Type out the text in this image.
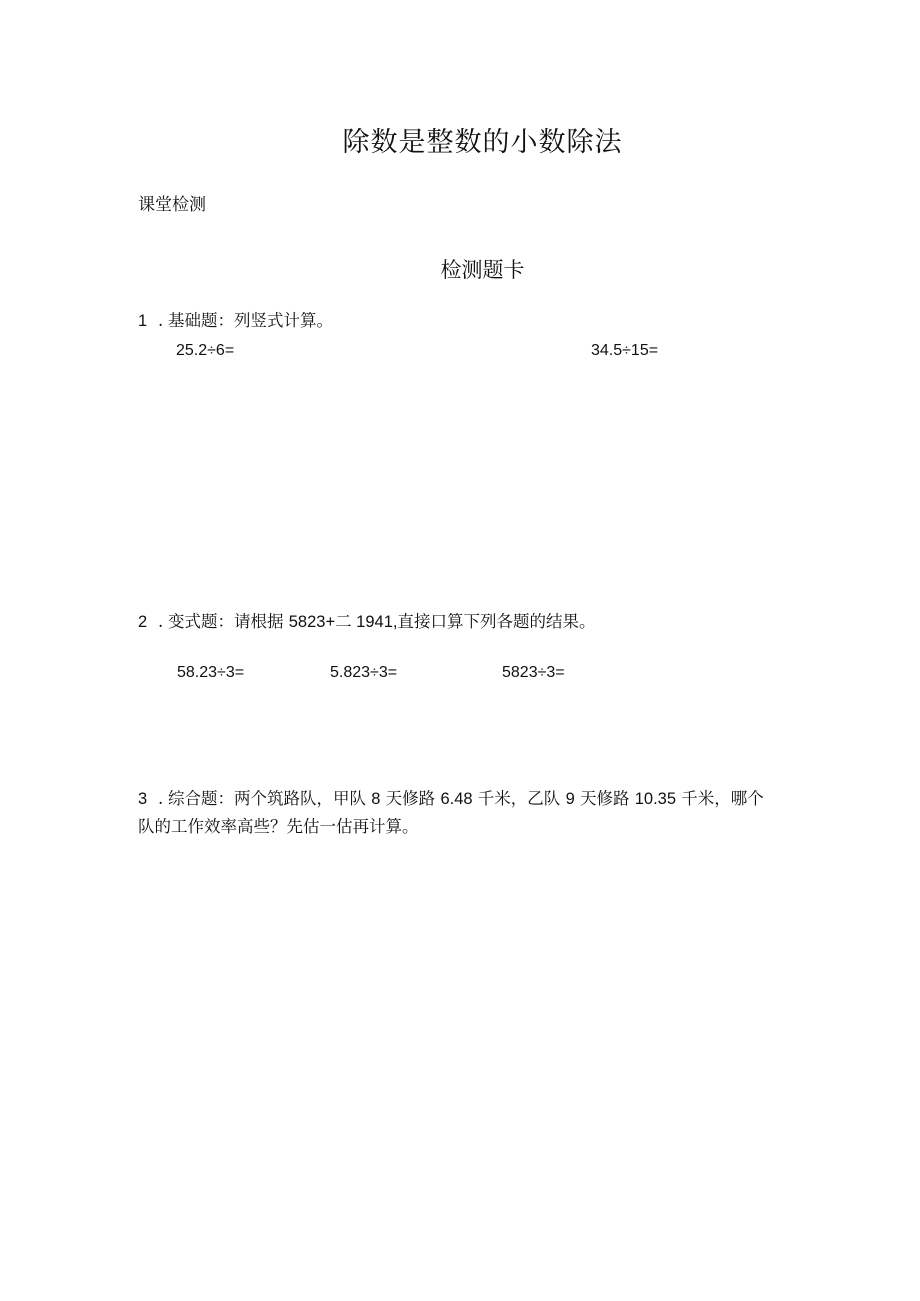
除数是整数的小数除法
课堂检测
检测题卡
1. 基础题：列竖式计算。
25.2÷6=	34.5÷15=
2. 变式题：请根据 5823+二 1941,直接口算下列各题的结果。
58.23÷3=	5.823÷3=	5823÷3=
3. 综合题：两个筑路队，甲队 8 天修路 6.48 千米，乙队 9 天修路 10.35 千米，哪个
队的工作效率高些？先估一估再计算。
